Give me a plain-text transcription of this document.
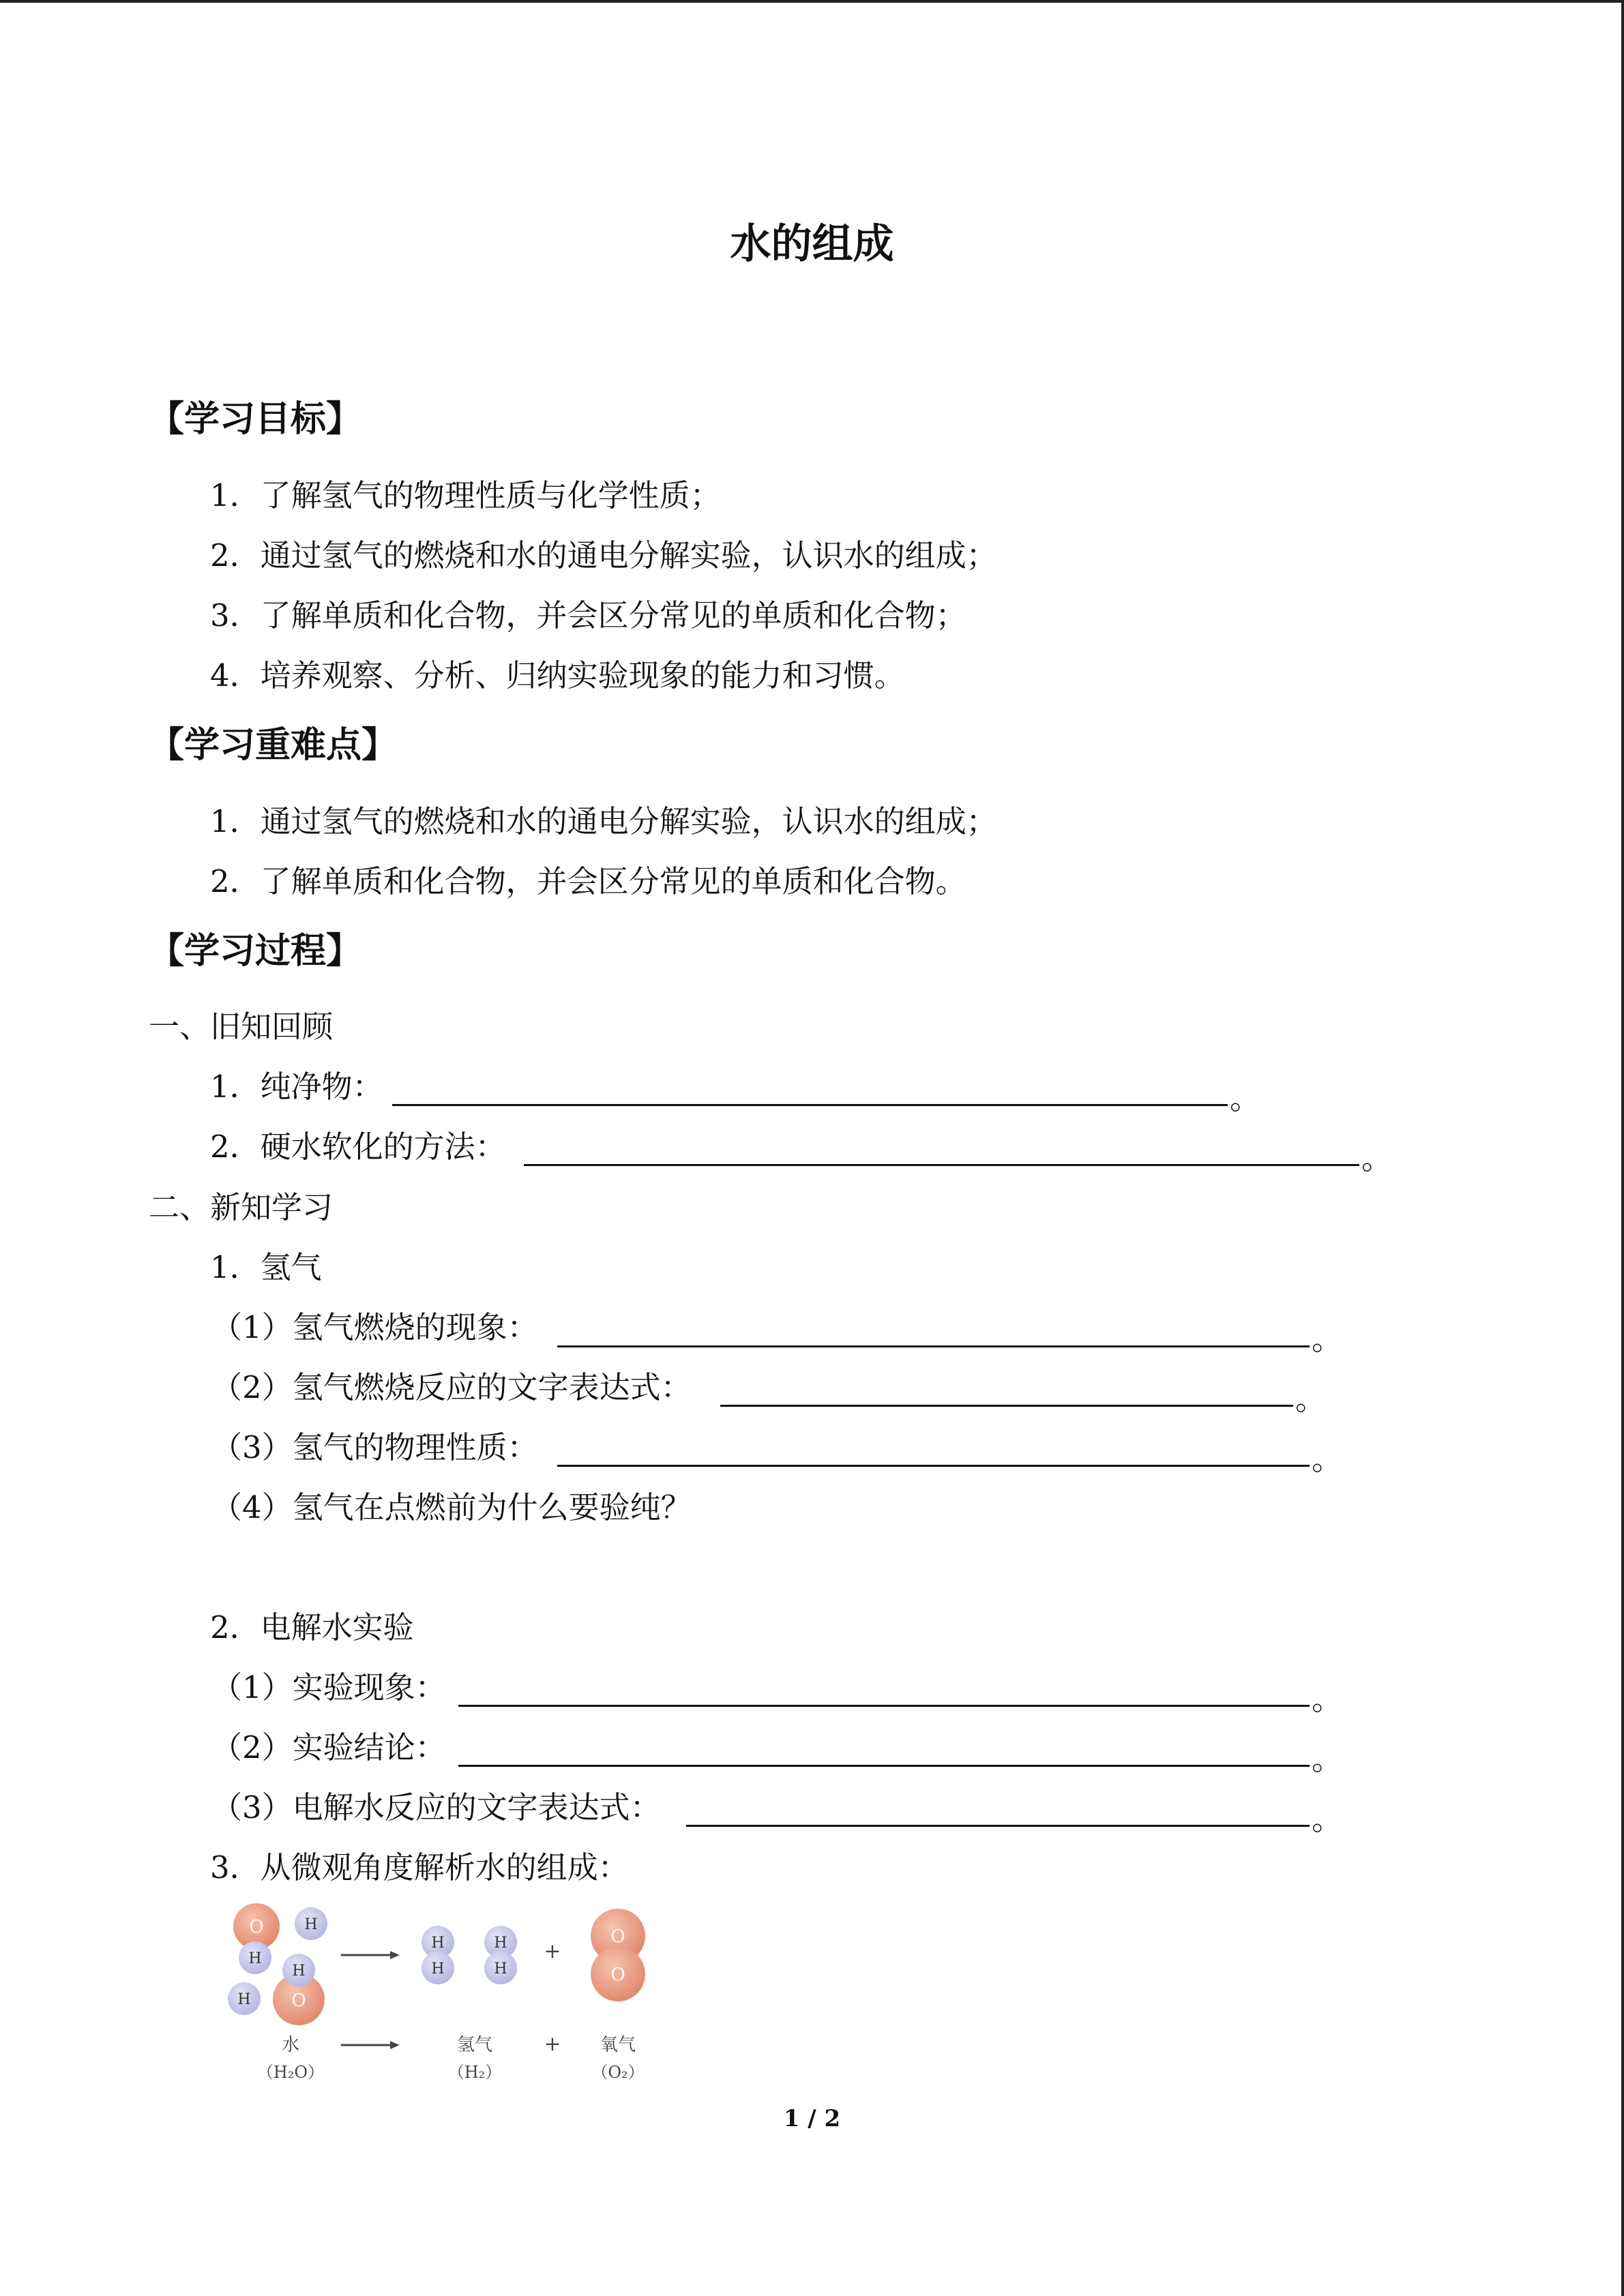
水的组成
【学习目标】
1．了解氢气的物理性质与化学性质；
2．通过氢气的燃烧和水的通电分解实验，认识水的组成；
3．了解单质和化合物，并会区分常见的单质和化合物；
4．培养观察、分析、归纳实验现象的能力和习惯。
【学习重难点】
1．通过氢气的燃烧和水的通电分解实验，认识水的组成；
2．了解单质和化合物，并会区分常见的单质和化合物。
【学习过程】
一、旧知回顾
1．纯净物：	。
2．硬水软化的方法：	。
二、新知学习
1．氢气
（1）氢气燃烧的现象：	。
（2）氢气燃烧反应的文字表达式：	。
（3）氢气的物理性质：	。
（4）氢气在点燃前为什么要验纯？
2．电解水实验
（1）实验现象：	。
（2）实验结论：	。
（3）电解水反应的文字表达式：	。
3．从微观角度解析水的组成：
O	H
H
O
H
H
H
H
H
H
+
O
O
水
（H₂O）
氢气
（H₂）
+ 氧气
（O₂）
1 / 2
